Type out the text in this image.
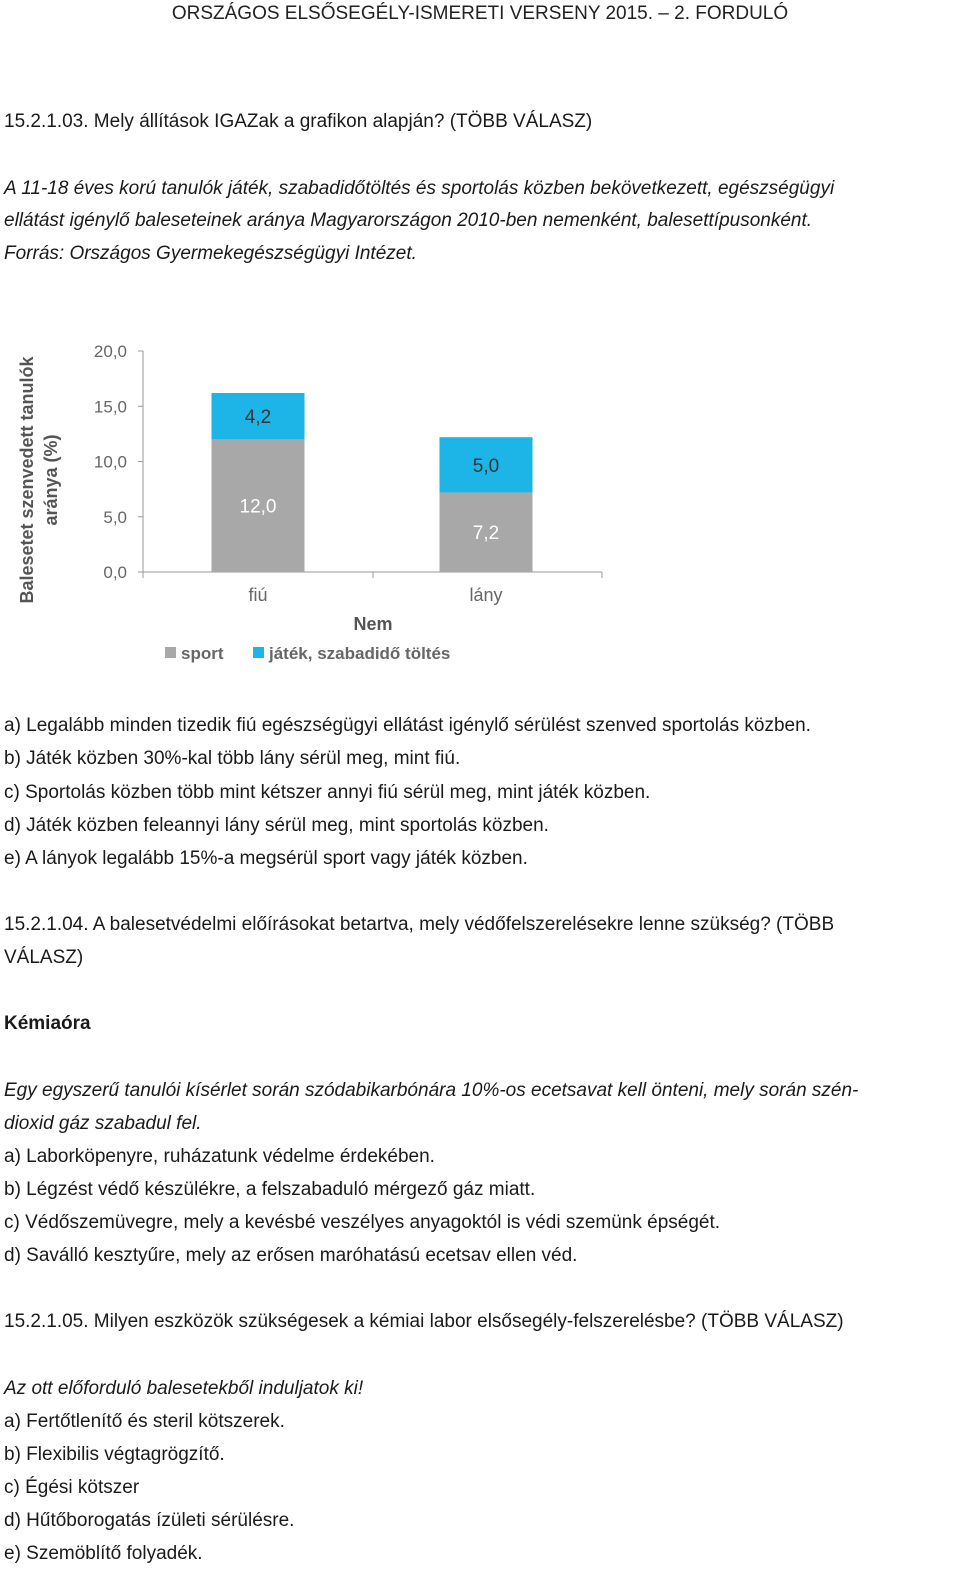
ORSZÁGOS ELSŐSEGÉLY-ISMERETI VERSENY 2015. – 2. FORDULÓ
15.2.1.03. Mely állítások IGAZak a grafikon alapján? (TÖBB VÁLASZ)
A 11-18 éves korú tanulók játék, szabadidőtöltés és sportolás közben bekövetkezett, egészségügyi
ellátást igénylő baleseteinek aránya Magyarországon 2010-ben nemenként, balesettípusonként.
Forrás: Országos Gyermekegészségügyi Intézet.
0,0
5,0
10,0
15,0
20,0
12,0
4,2
7,2
5,0
fiú	lány
Balesetet szenvedett tanulók aránya (%)
Nem
sport	játék, szabadidő töltés
a) Legalább minden tizedik fiú egészségügyi ellátást igénylő sérülést szenved sportolás közben.
b) Játék közben 30%-kal több lány sérül meg, mint fiú.
c) Sportolás közben több mint kétszer annyi fiú sérül meg, mint játék közben.
d) Játék közben feleannyi lány sérül meg, mint sportolás közben.
e) A lányok legalább 15%-a megsérül sport vagy játék közben.
15.2.1.04. A balesetvédelmi előírásokat betartva, mely védőfelszerelésekre lenne szükség? (TÖBB
VÁLASZ)
Kémiaóra
Egy egyszerű tanulói kísérlet során szódabikarbónára 10%-os ecetsavat kell önteni, mely során szén-
dioxid gáz szabadul fel.
a) Laborköpenyre, ruházatunk védelme érdekében.
b) Légzést védő készülékre, a felszabaduló mérgező gáz miatt.
c) Védőszemüvegre, mely a kevésbé veszélyes anyagoktól is védi szemünk épségét.
d) Saválló kesztyűre, mely az erősen maróhatású ecetsav ellen véd.
15.2.1.05. Milyen eszközök szükségesek a kémiai labor elsősegély-felszerelésbe? (TÖBB VÁLASZ)
Az ott előforduló balesetekből induljatok ki!
a) Fertőtlenítő és steril kötszerek.
b) Flexibilis végtagrögzítő.
c) Égési kötszer
d) Hűtőborogatás ízületi sérülésre.
e) Szemöblítő folyadék.
